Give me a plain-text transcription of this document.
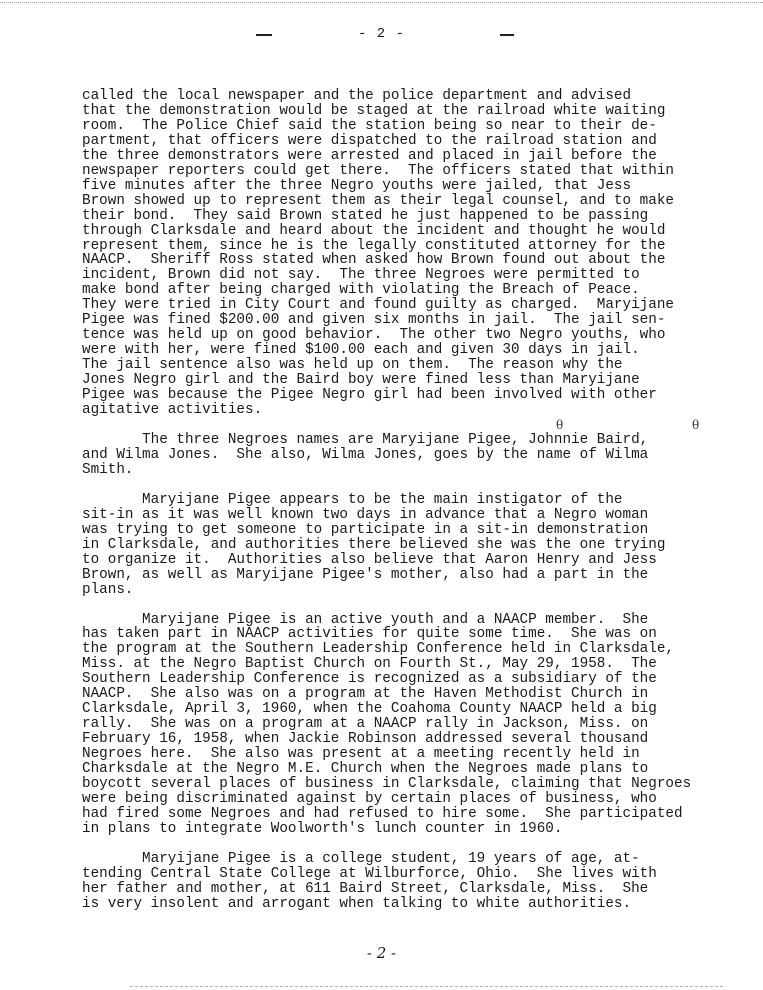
- 2 -
called the local newspaper and the police department and advised
that the demonstration would be staged at the railroad white waiting
room.  The Police Chief said the station being so near to their de-
partment, that officers were dispatched to the railroad station and
the three demonstrators were arrested and placed in jail before the
newspaper reporters could get there.  The officers stated that within
five minutes after the three Negro youths were jailed, that Jess
Brown showed up to represent them as their legal counsel, and to make
their bond.  They said Brown stated he just happened to be passing
through Clarksdale and heard about the incident and thought he would
represent them, since he is the legally constituted attorney for the
NAACP.  Sheriff Ross stated when asked how Brown found out about the
incident, Brown did not say.  The three Negroes were permitted to
make bond after being charged with violating the Breach of Peace.
They were tried in City Court and found guilty as charged.  Maryijane
Pigee was fined $200.00 and given six months in jail.  The jail sen-
tence was held up on good behavior.  The other two Negro youths, who
were with her, were fined $100.00 each and given 30 days in jail.
The jail sentence also was held up on them.  The reason why the
Jones Negro girl and the Baird boy were fined less than Maryijane
Pigee was because the Pigee Negro girl had been involved with other
agitative activities.
The three Negroes names are Maryijane Pigee, Johnnie Baird,
and Wilma Jones.  She also, Wilma Jones, goes by the name of Wilma
Smith.
Maryijane Pigee appears to be the main instigator of the
sit-in as it was well known two days in advance that a Negro woman
was trying to get someone to participate in a sit-in demonstration
in Clarksdale, and authorities there believed she was the one trying
to organize it.  Authorities also believe that Aaron Henry and Jess
Brown, as well as Maryijane Pigee's mother, also had a part in the
plans.
Maryijane Pigee is an active youth and a NAACP member.  She
has taken part in NAACP activities for quite some time.  She was on
the program at the Southern Leadership Conference held in Clarksdale,
Miss. at the Negro Baptist Church on Fourth St., May 29, 1958.  The
Southern Leadership Conference is recognized as a subsidiary of the
NAACP.  She also was on a program at the Haven Methodist Church in
Clarksdale, April 3, 1960, when the Coahoma County NAACP held a big
rally.  She was on a program at a NAACP rally in Jackson, Miss. on
February 16, 1958, when Jackie Robinson addressed several thousand
Negroes here.  She also was present at a meeting recently held in
Charksdale at the Negro M.E. Church when the Negroes made plans to
boycott several places of business in Clarksdale, claiming that Negroes
were being discriminated against by certain places of business, who
had fired some Negroes and had refused to hire some.  She participated
in plans to integrate Woolworth's lunch counter in 1960.
Maryijane Pigee is a college student, 19 years of age, at-
tending Central State College at Wilburforce, Ohio.  She lives with
her father and mother, at 611 Baird Street, Clarksdale, Miss.  She
is very insolent and arrogant when talking to white authorities.
θ	θ
- 2 -
